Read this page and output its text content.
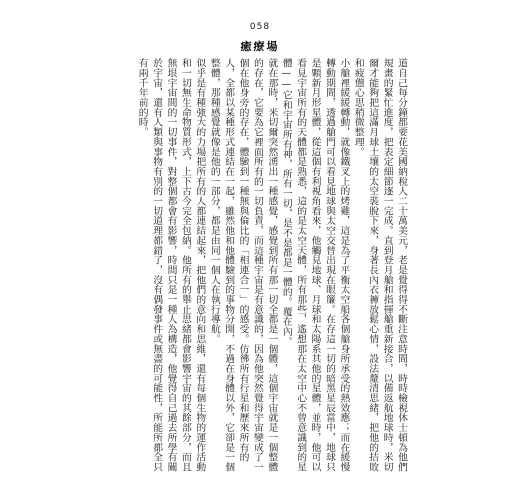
058
癒療場

道自己每分鐘都要花美國納稅人二十萬美元，老是覺得得不斷注意時間，時時檢視休士頓為他們規畫的緊忙進度，把表定細節逐一完成。直到登月艙和指揮艙重新接合，以備返航地球時，米切爾才能夠把這滿月球土壤的太空裝脫下來，身著長內衣褲放鬆心情，設法釐清思緒，把他的拮敗和疲憊心思稍微整理。

小艙裡緩緩轉動，就像鐵叉上的烤雞，這是為了平衡太空船各個艙身所承受的熱效應；而在緩慢轉動期間，透過艙門可以看見地球與太空交替出現在眼簾。在存這一切的暗黑星辰當中，地球只是顆新月形星體，從這個有利視角看來，他觸見地球、月球和太陽系其他的星體，並時，他可以看見宇宙所有的天體都是熟悉，這的是太空天體，所有那些，遙想那在太空中心不曾意識到的星體——它和宇宙所有神，所有一切，是不是都是一體的。覆在內。

就在那時，米切爾突然湧出一種感覺，感覺到所有那一切全都是一個體，這個宇宙就是一個整體的存在，它要為它裡面所有的一切負責，而這種宇宙是有意識的，因為他突然覺得宇宙變成了一個在他身旁的存在，體驗到一種無與倫比的「相連合一」的感受。仿彿所有行星和歷來所有的人，全都以某種形式連結在一起，雖然他和他體驗到的事物分開，不過在身體以外，它卻是一個整體，那種感覺就像是他的一部分，都是由同一個人在執行導航。

似乎是有種強大的力場把所有的人都連結起來，把他們的意向和思維，還有每個生物的運作活動和一切無生命物質形式，上下古今完全包納。他所有的舉止思緒都會影響宇宙的其餘部分，而且無垠宇宙間的一切事件，對整個都會有影響，時間只是一種人為構造，他覺得自己過去所學有關於宇宙，還有人類與事物有別的一切道理都錯了，沒有偶發事件或無盡的可能性，所能所都全只有兩千年前的時。
